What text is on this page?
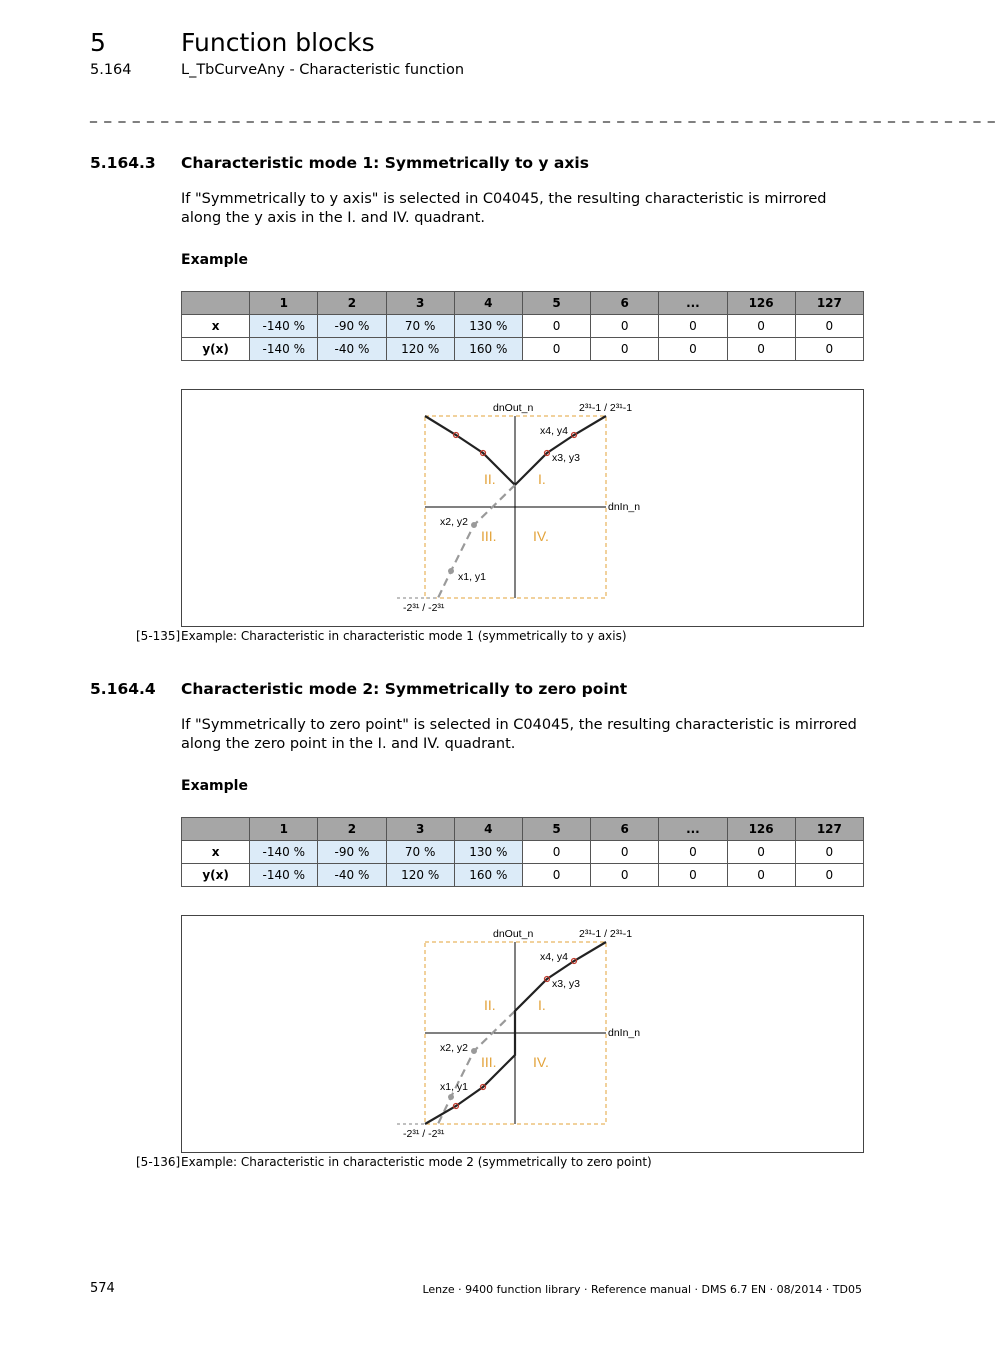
5	Function blocks
5.164	L_TbCurveAny - Characteristic function
_ _ _ _ _ _ _ _ _ _ _ _ _ _ _ _ _ _ _ _ _ _ _ _ _ _ _ _ _ _ _ _ _ _ _ _ _ _ _ _ _ _ _ _ _ _ _ _ _ _ _ _ _ _ _ _ _ _ _ _ _ _ _ _
5.164.3 Characteristic mode 1: Symmetrically to y axis
If "Symmetrically to y axis" is selected in C04045, the resulting characteristic is mirrored along the y axis in the I. and IV. quadrant.
Example
	1	2	3	4	5	6	...	126	127
x	-140 %	-90 %	70 %	130 %	0	0	0	0	0
y(x)	-140 %	-40 %	120 %	160 %	0	0	0	0	0
dnOut_n
dnIn_n
2³¹-1 / 2³¹-1
-2³¹ / -2³¹
x1, y1
x2, y2
x3, y3
x4, y4
I.
II.
III.	IV.
[5-135]Example: Characteristic in characteristic mode 1 (symmetrically to y axis)
5.164.4 Characteristic mode 2: Symmetrically to zero point
If "Symmetrically to zero point" is selected in C04045, the resulting characteristic is mirrored along the zero point in the I. and IV. quadrant.
Example
	1	2	3	4	5	6	...	126	127
x	-140 %	-90 %	70 %	130 %	0	0	0	0	0
y(x)	-140 %	-40 %	120 %	160 %	0	0	0	0	0
dnOut_n
dnIn_n
2³¹-1 / 2³¹-1
-2³¹ / -2³¹
x1, y1
x2, y2
x3, y3
x4, y4
I.
II.
III.	IV.
[5-136]Example: Characteristic in characteristic mode 2 (symmetrically to zero point)
574	Lenze · 9400 function library · Reference manual · DMS 6.7 EN · 08/2014 · TD05
